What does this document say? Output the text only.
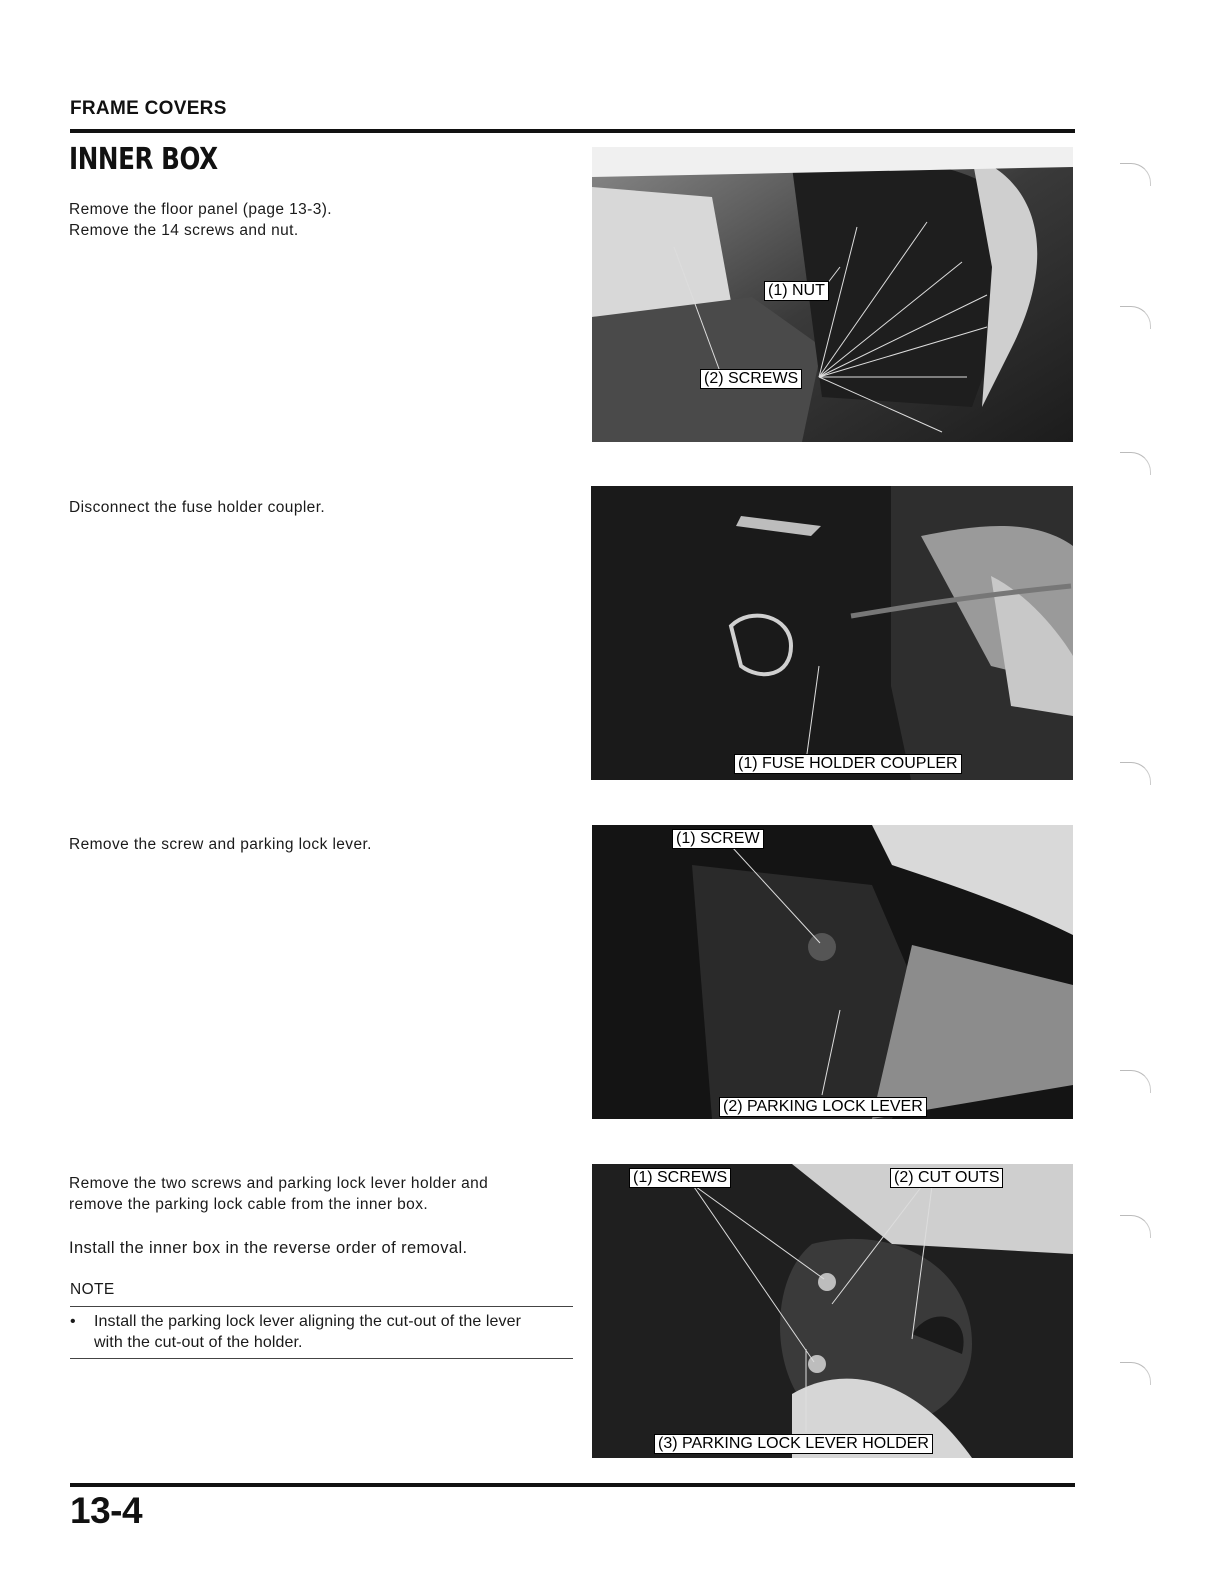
FRAME COVERS
INNER BOX
Remove the floor panel (page 13-3).
Remove the 14 screws and nut.
(1) NUT
(2) SCREWS
Disconnect the fuse holder coupler.
(1) FUSE HOLDER COUPLER
Remove the screw and parking lock lever.	(1) SCREW
(2) PARKING LOCK LEVER
Remove the two screws and parking lock lever holder and
remove the parking lock cable from the inner box.
Install the inner box in the reverse order of removal.
NOTE
• Install the parking lock lever aligning the cut-out of the lever
with the cut-out of the holder.
(1) SCREWS	(2) CUT OUTS
(3) PARKING LOCK LEVER HOLDER
13-4
